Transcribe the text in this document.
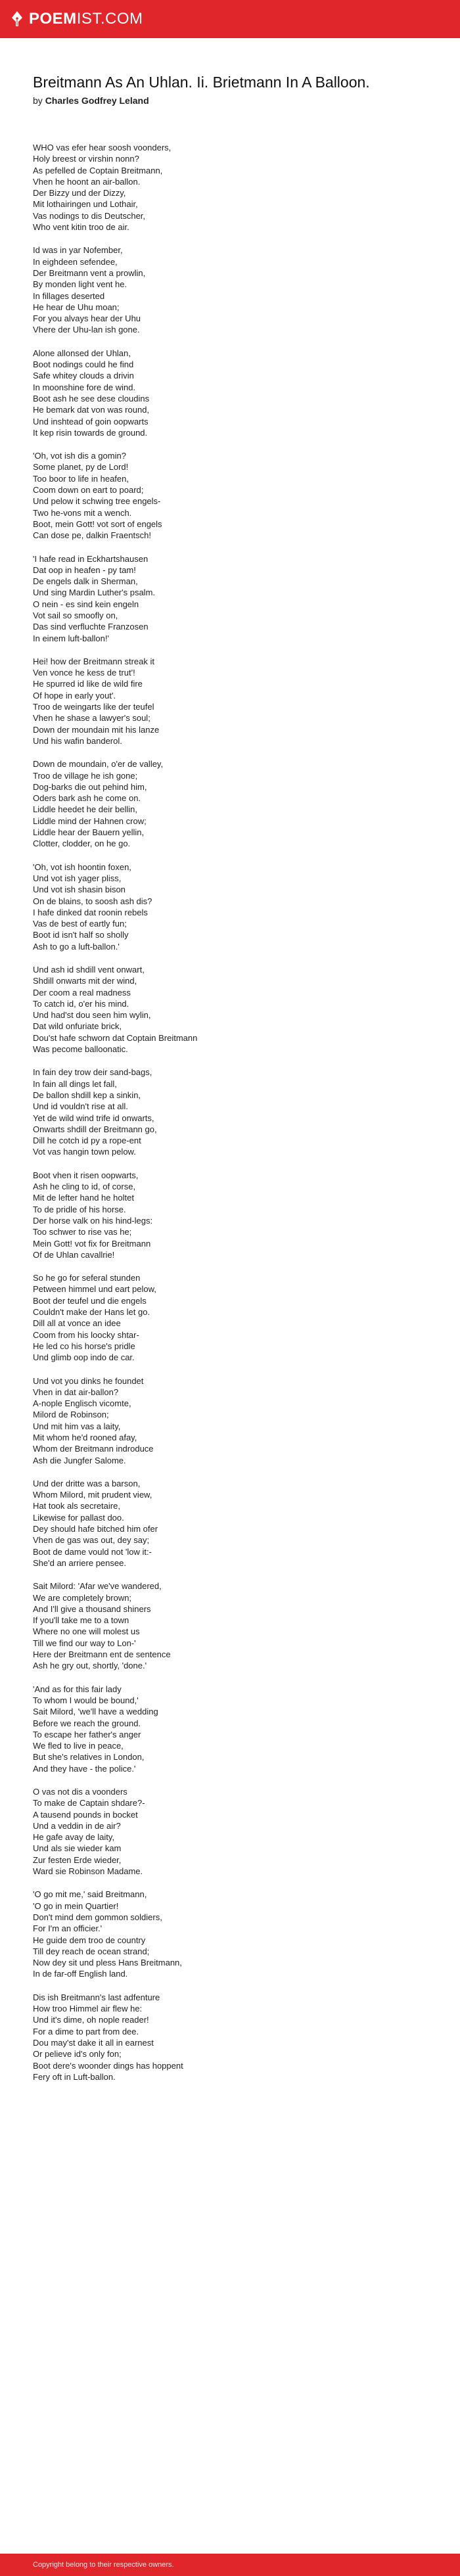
POEMIST.COM
Breitmann As An Uhlan. Ii. Brietmann In A Balloon.
by Charles Godfrey Leland
WHO vas efer hear soosh voonders,
Holy breest or virshin nonn?
As pefelled de Coptain Breitmann,
Vhen he hoont an air-ballon.
Der Bizzy und der Dizzy,
Mit lothairingen und Lothair,
Vas nodings to dis Deutscher,
Who vent kitin troo de air.
Id was in yar Nofember,
In eighdeen sefendee,
Der Breitmann vent a prowlin,
By monden light vent he.
In fillages deserted
He hear de Uhu moan;
For you alvays hear der Uhu
Vhere der Uhu-lan ish gone.
Alone allonsed der Uhlan,
Boot nodings could he find
Safe whitey clouds a drivin
In moonshine fore de wind.
Boot ash he see dese cloudins
He bemark dat von was round,
Und inshtead of goin oopwarts
It kep risin towards de ground.
'Oh, vot ish dis a gomin?
Some planet, py de Lord!
Too boor to life in heafen,
Coom down on eart to poard;
Und pelow it schwing tree engels-
Two he-vons mit a wench.
Boot, mein Gott! vot sort of engels
Can dose pe, dalkin Fraentsch!
'I hafe read in Eckhartshausen
Dat oop in heafen - py tam!
De engels dalk in Sherman,
Und sing Mardin Luther's psalm.
O nein - es sind kein engeln
Vot sail so smoofly on,
Das sind verfluchte Franzosen
In einem luft-ballon!'
Hei! how der Breitmann streak it
Ven vonce he kess de trut'!
He spurred id like de wild fire
Of hope in early yout'.
Troo de weingarts like der teufel
Vhen he shase a lawyer's soul;
Down der moundain mit his lanze
Und his wafin banderol.
Down de moundain, o'er de valley,
Troo de village he ish gone;
Dog-barks die out pehind him,
Oders bark ash he come on.
Liddle heedet he deir bellin,
Liddle mind der Hahnen crow;
Liddle hear der Bauern yellin,
Clotter, clodder, on he go.
'Oh, vot ish hoontin foxen,
Und vot ish yager pliss,
Und vot ish shasin bison
On de blains, to soosh ash dis?
I hafe dinked dat roonin rebels
Vas de best of eartly fun;
Boot id isn't half so sholly
Ash to go a luft-ballon.'
Und ash id shdill vent onwart,
Shdill onwarts mit der wind,
Der coom a real madness
To catch id, o'er his mind.
Und had'st dou seen him wylin,
Dat wild onfuriate brick,
Dou'st hafe schworn dat Coptain Breitmann
Was pecome balloonatic.
In fain dey trow deir sand-bags,
In fain all dings let fall,
De ballon shdill kep a sinkin,
Und id vouldn't rise at all.
Yet de wild wind trife id onwarts,
Onwarts shdill der Breitmann go,
Dill he cotch id py a rope-ent
Vot vas hangin town pelow.
Boot vhen it risen oopwarts,
Ash he cling to id, of corse,
Mit de lefter hand he holtet
To de pridle of his horse.
Der horse valk on his hind-legs:
Too schwer to rise vas he;
Mein Gott! vot fix for Breitmann
Of de Uhlan cavallrie!
So he go for seferal stunden
Petween himmel und eart pelow,
Boot der teufel und die engels
Couldn't make der Hans let go.
Dill all at vonce an idee
Coom from his loocky shtar-
He led co his horse's pridle
Und glimb oop indo de car.
Und vot you dinks he foundet
Vhen in dat air-ballon?
A-nople Englisch vicomte,
Milord de Robinson;
Und mit him vas a laity,
Mit whom he'd rooned afay,
Whom der Breitmann indroduce
Ash die Jungfer Salome.
Und der dritte was a barson,
Whom Milord, mit prudent view,
Hat took als secretaire,
Likewise for pallast doo.
Dey should hafe bitched him ofer
Vhen de gas was out, dey say;
Boot de dame vould not 'low it:-
She'd an arriere pensee.
Sait Milord: 'Afar we've wandered,
We are completely brown;
And I'll give a thousand shiners
If you'll take me to a town
Where no one will molest us
Till we find our way to Lon-'
Here der Breitmann ent de sentence
Ash he gry out, shortly, 'done.'
'And as for this fair lady
To whom I would be bound,'
Sait Milord, 'we'll have a wedding
Before we reach the ground.
To escape her father's anger
We fled to live in peace,
But she's relatives in London,
And they have - the police.'
O vas not dis a voonders
To make de Captain shdare?-
A tausend pounds in bocket
Und a veddin in de air?
He gafe avay de laity,
Und als sie wieder kam
Zur festen Erde wieder,
Ward sie Robinson Madame.
'O go mit me,' said Breitmann,
'O go in mein Quartier!
Don't mind dem gommon soldiers,
For I'm an officier.'
He guide dem troo de country
Till dey reach de ocean strand;
Now dey sit und pless Hans Breitmann,
In de far-off English land.
Dis ish Breitmann's last adfenture
How troo Himmel air flew he:
Und it's dime, oh nople reader!
For a dime to part from dee.
Dou may'st dake it all in earnest
Or pelieve id's only fon;
Boot dere's woonder dings has hoppent
Fery oft in Luft-ballon.
Copyright belong to their respective owners.
